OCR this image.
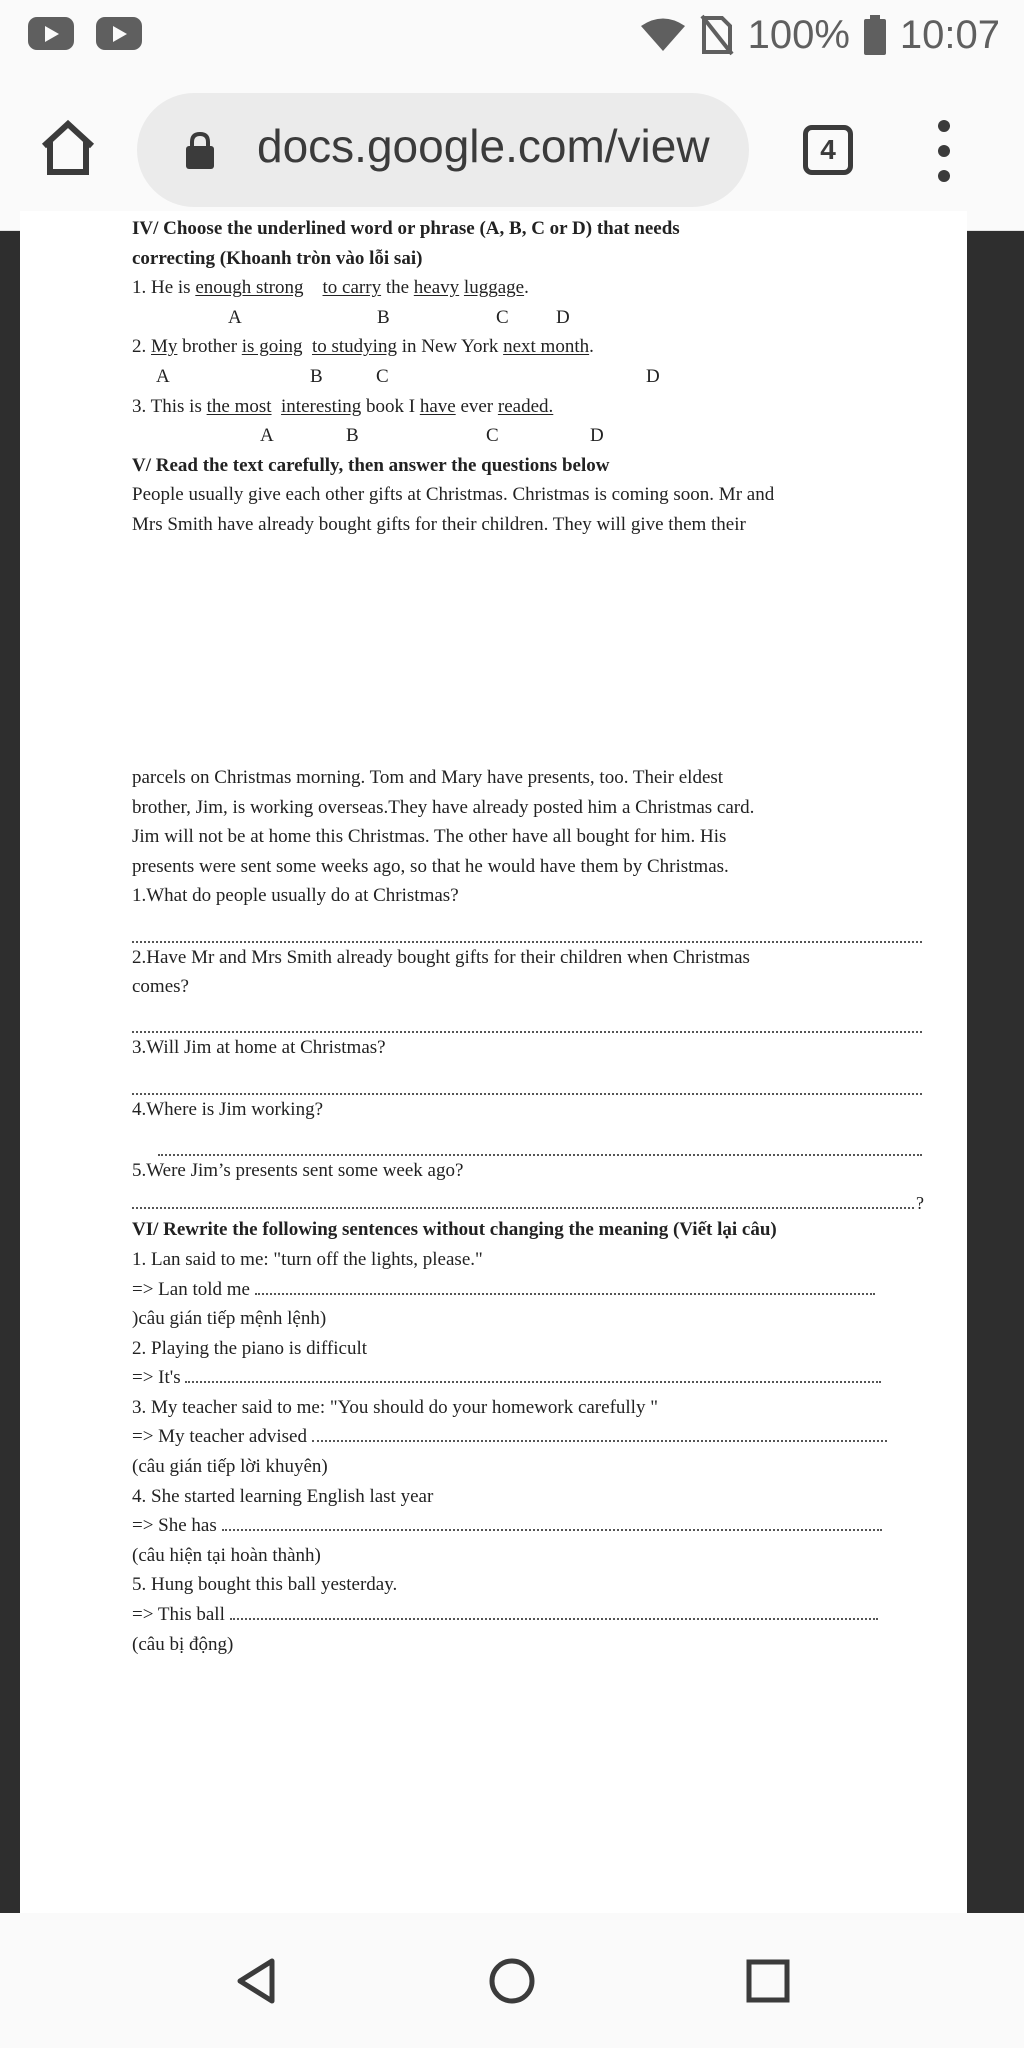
100% 10:07
docs.google.com/view	4
IV/ Choose the underlined word or phrase (A, B, C or D) that needs
correcting (Khoanh tròn vào lỗi sai)
1. He is enough strong to carry the heavy luggage.
A	B	C D
2. My brother is going to studying in New York next month.
A	B	C	D
3. This is the most interesting book I have ever readed.
A	B	C	D
V/ Read the text carefully, then answer the questions below
People usually give each other gifts at Christmas. Christmas is coming soon. Mr and
Mrs Smith have already bought gifts for their children. They will give them their
parcels on Christmas morning. Tom and Mary have presents, too. Their eldest
brother, Jim, is working overseas.They have already posted him a Christmas card.
Jim will not be at home this Christmas. The other have all bought for him. His
presents were sent some weeks ago, so that he would have them by Christmas.
1.What do people usually do at Christmas?
2.Have Mr and Mrs Smith already bought gifts for their children when Christmas
comes?
3.Will Jim at home at Christmas?
4.Where is Jim working?
5.Were Jim’s presents sent some week ago?
?
VI/ Rewrite the following sentences without changing the meaning (Viết lại câu)
1. Lan said to me: "turn off the lights, please."
=> Lan told me
)câu gián tiếp mệnh lệnh)
2. Playing the piano is difficult
=> It's
3. My teacher said to me: "You should do your homework carefully "
=> My teacher advised
(câu gián tiếp lời khuyên)
4. She started learning English last year
=> She has
(câu hiện tại hoàn thành)
5. Hung bought this ball yesterday.
=> This ball
(câu bị động)
